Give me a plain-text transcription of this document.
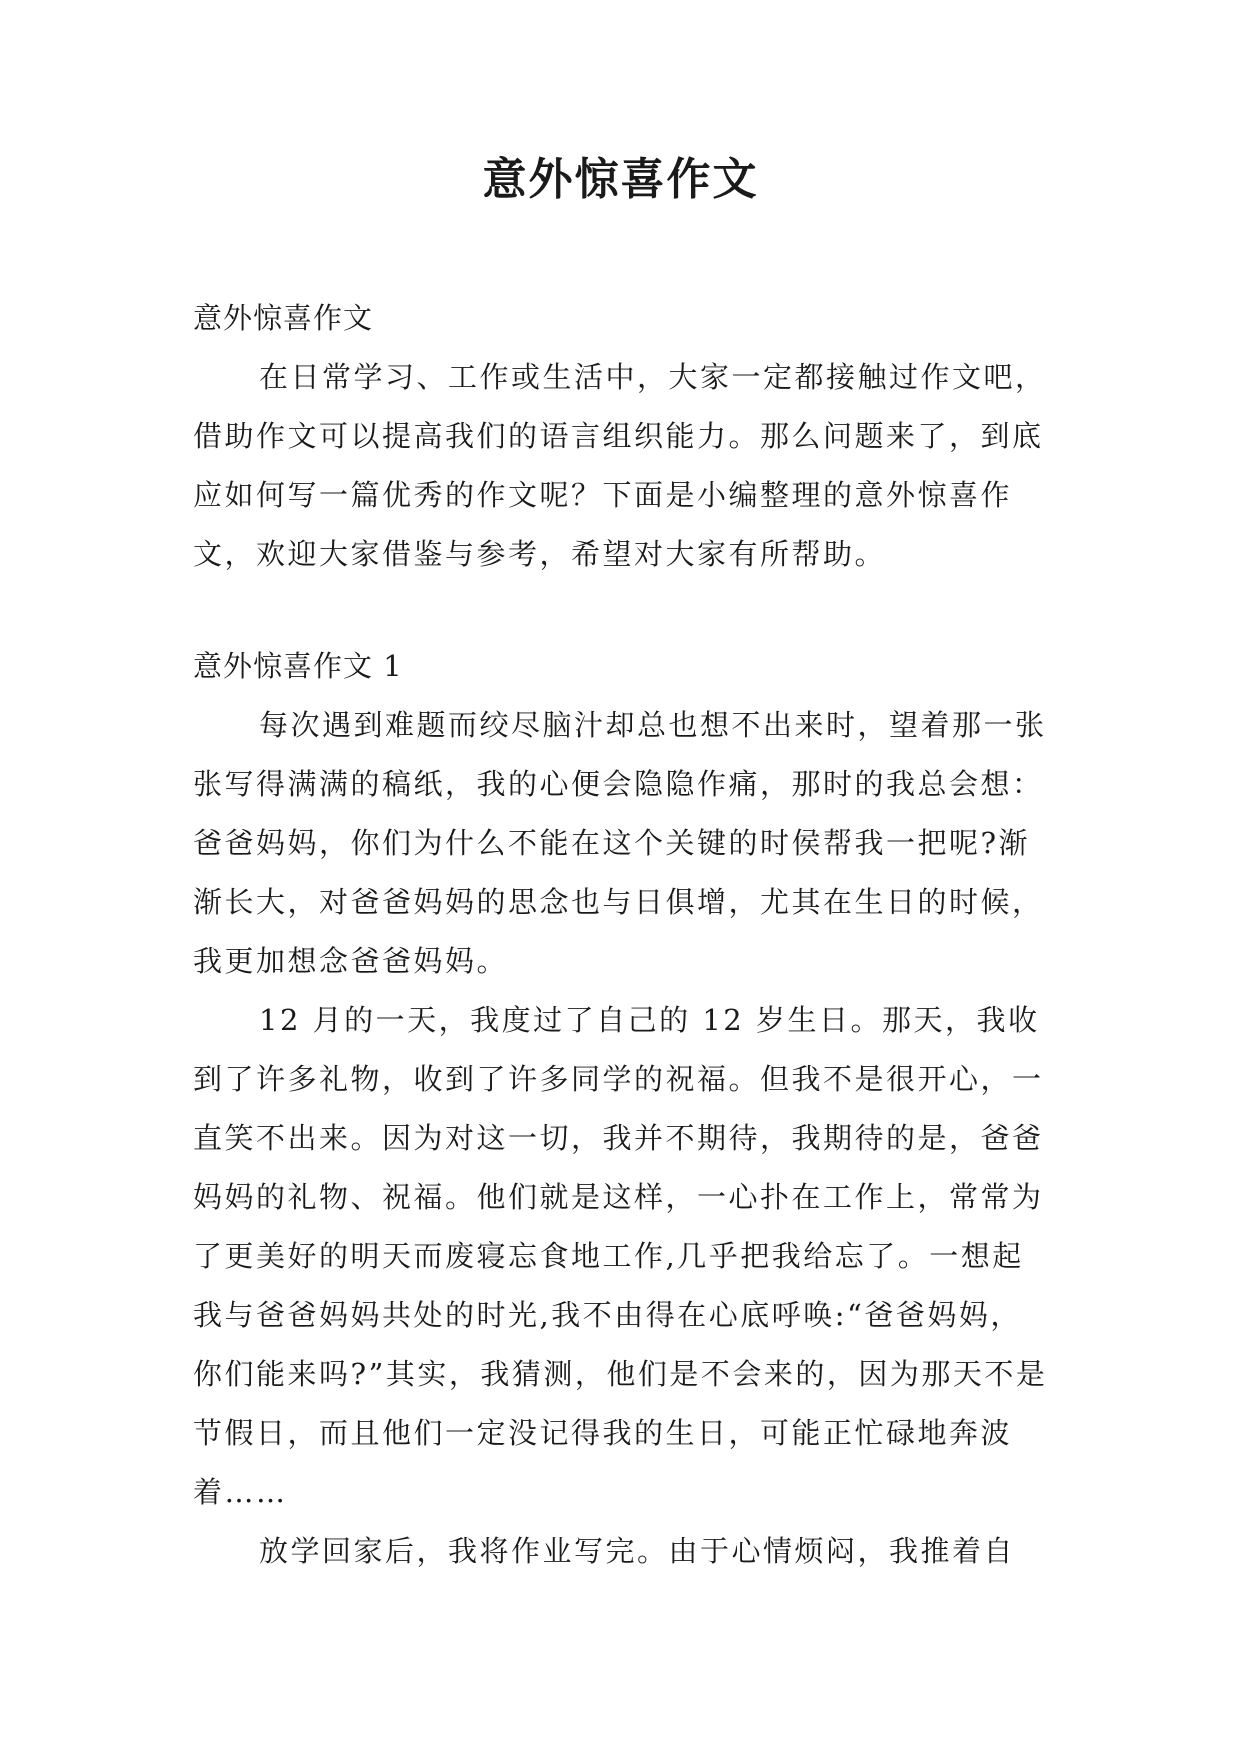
意外惊喜作文

意外惊喜作文

在日常学习、工作或生活中，大家一定都接触过作文吧，借助作文可以提高我们的语言组织能力。那么问题来了，到底应如何写一篇优秀的作文呢？下面是小编整理的意外惊喜作文，欢迎大家借鉴与参考，希望对大家有所帮助。

意外惊喜作文 1

每次遇到难题而绞尽脑汁却总也想不出来时，望着那一张张写得满满的稿纸，我的心便会隐隐作痛，那时的我总会想：爸爸妈妈，你们为什么不能在这个关键的时侯帮我一把呢?渐渐长大，对爸爸妈妈的思念也与日俱增，尤其在生日的时候，我更加想念爸爸妈妈。

12 月的一天，我度过了自己的 12 岁生日。那天，我收到了许多礼物，收到了许多同学的祝福。但我不是很开心，一直笑不出来。因为对这一切，我并不期待，我期待的是，爸爸妈妈的礼物、祝福。他们就是这样，一心扑在工作上，常常为了更美好的明天而废寝忘食地工作,几乎把我给忘了。一想起我与爸爸妈妈共处的时光,我不由得在心底呼唤:“爸爸妈妈，你们能来吗?”其实，我猜测，他们是不会来的，因为那天不是节假日，而且他们一定没记得我的生日，可能正忙碌地奔波着……

放学回家后，我将作业写完。由于心情烦闷，我推着自
